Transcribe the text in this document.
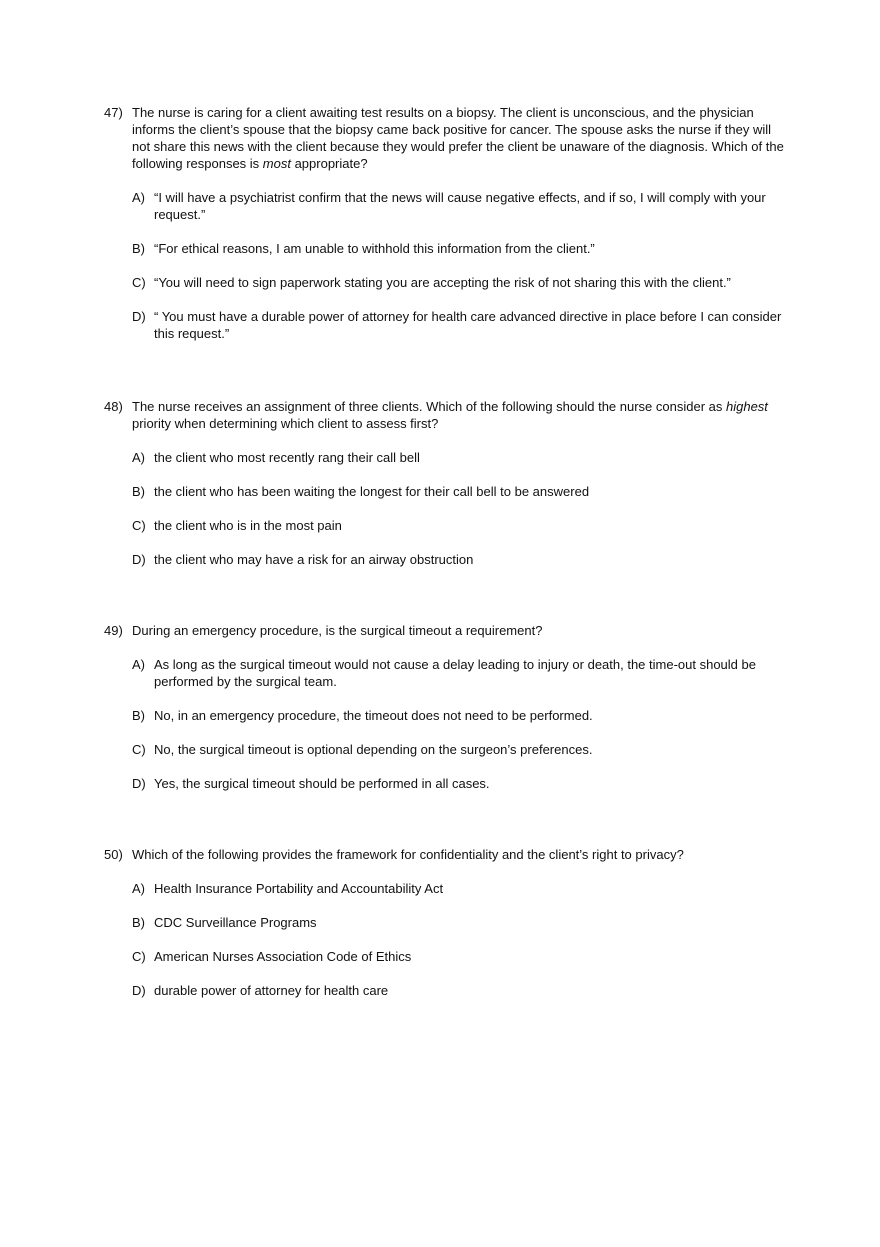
47) The nurse is caring for a client awaiting test results on a biopsy. The client is unconscious, and the physician informs the client’s spouse that the biopsy came back positive for cancer. The spouse asks the nurse if they will not share this news with the client because they would prefer the client be unaware of the diagnosis. Which of the following responses is most appropriate?
A) “I will have a psychiatrist confirm that the news will cause negative effects, and if so, I will comply with your request.”
B) “For ethical reasons, I am unable to withhold this information from the client.”
C) “You will need to sign paperwork stating you are accepting the risk of not sharing this with the client.”
D) “ You must have a durable power of attorney for health care advanced directive in place before I can consider this request.”
48) The nurse receives an assignment of three clients. Which of the following should the nurse consider as highest priority when determining which client to assess first?
A) the client who most recently rang their call bell
B) the client who has been waiting the longest for their call bell to be answered
C) the client who is in the most pain
D) the client who may have a risk for an airway obstruction
49) During an emergency procedure, is the surgical timeout a requirement?
A) As long as the surgical timeout would not cause a delay leading to injury or death, the time-out should be performed by the surgical team.
B) No, in an emergency procedure, the timeout does not need to be performed.
C) No, the surgical timeout is optional depending on the surgeon’s preferences.
D) Yes, the surgical timeout should be performed in all cases.
50) Which of the following provides the framework for confidentiality and the client’s right to privacy?
A) Health Insurance Portability and Accountability Act
B) CDC Surveillance Programs
C) American Nurses Association Code of Ethics
D) durable power of attorney for health care
